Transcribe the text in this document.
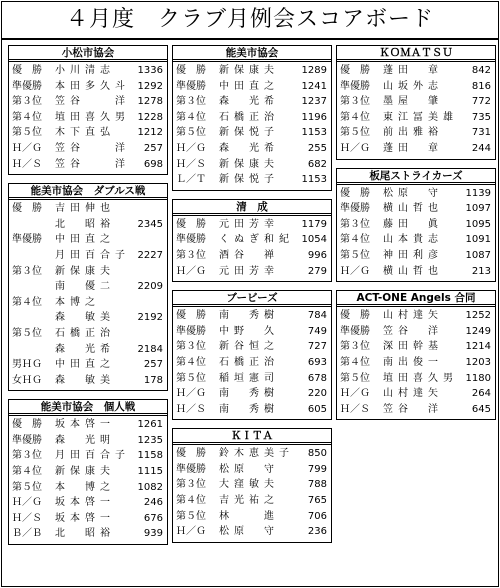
４月度　クラブ月例会スコアボード
小松市協会
優　勝 小川清志 1336
準優勝 本田多久斗 1292
第３位 笠谷　　洋 1278
第４位 埴田喜久男 1228
第５位 木下直弘 1212
Ｈ／Ｇ 笠谷　　洋 257
Ｈ／Ｓ 笠谷　　洋 698
能美市協会　ダブルス戦
優　勝 吉田伸也
北　昭裕 2345
準優勝 中田直之
月田百合子 2227
第３位 新保康夫
南　優二 2209
第４位 本博之
森　敏美 2192
第５位 石橋正治
森　光希 2184
男ＨＧ 中田直之	257
女ＨＧ 森　敏美	178
能美市協会　個人戦
優　勝 坂本啓一 1261
準優勝 森　光明 1235
第３位 月田百合子 1158
第４位 新保康夫 1115
第５位 本　博之 1082
Ｈ／Ｇ 坂本啓一	246
Ｈ／Ｓ 坂本啓一	676
Ｂ／Ｂ 北　昭裕	939
能美市協会
優　勝 新保康夫 1289
準優勝 中田直之 1241
第３位 森　光希 1237
第４位 石橋正治 1196
第５位 新保悦子 1153
Ｈ／Ｇ 森　光希	255
Ｈ／Ｓ 新保康夫	682
Ｌ／Ｔ 新保悦子 1153
清　成
優　勝 元田芳幸 1179
準優勝 くぬぎ和紀 1054
第３位 酒谷　禅	996
Ｈ／Ｇ 元田芳幸	279
ブービーズ
優　勝 南　秀樹	784
準優勝 中野　久	749
第３位 新谷恒之	727
第４位 石橋正治	693
第５位 稲垣憲司	678
Ｈ／Ｇ 南　秀樹	220
Ｈ／Ｓ 南　秀樹	605
ＫＩＴＡ
優　勝 鈴木恵美子 850
準優勝 松原　守	799
第３位 大窪敏夫	788
第４位 吉光祐之	765
第５位 林　　進	706
Ｈ／Ｇ 松原　守	236
ＫＯＭＡＴＳＵ
優　勝 蓬田　章	842
準優勝 山坂外志	816
第３位 墨屋　肇	772
第４位 東江冨美雄 735
第５位 前出雅裕	731
Ｈ／Ｇ 蓬田　章	244
板尾ストライカーズ
優　勝 松原　守 1139
準優勝 横山哲也 1097
第３位 藤田　眞 1095
第４位 山本貴志 1091
第５位 神田利彦 1087
Ｈ／Ｇ 横山哲也	213
ACT-ONE Angels 合同
優　勝 山村達矢 1252
準優勝 笠谷　洋 1249
第３位 深田幹基 1214
第４位 南出俊一 1203
第５位 埴田喜久男 1180
Ｈ／Ｇ 山村達矢	264
Ｈ／Ｓ 笠谷　洋	645
